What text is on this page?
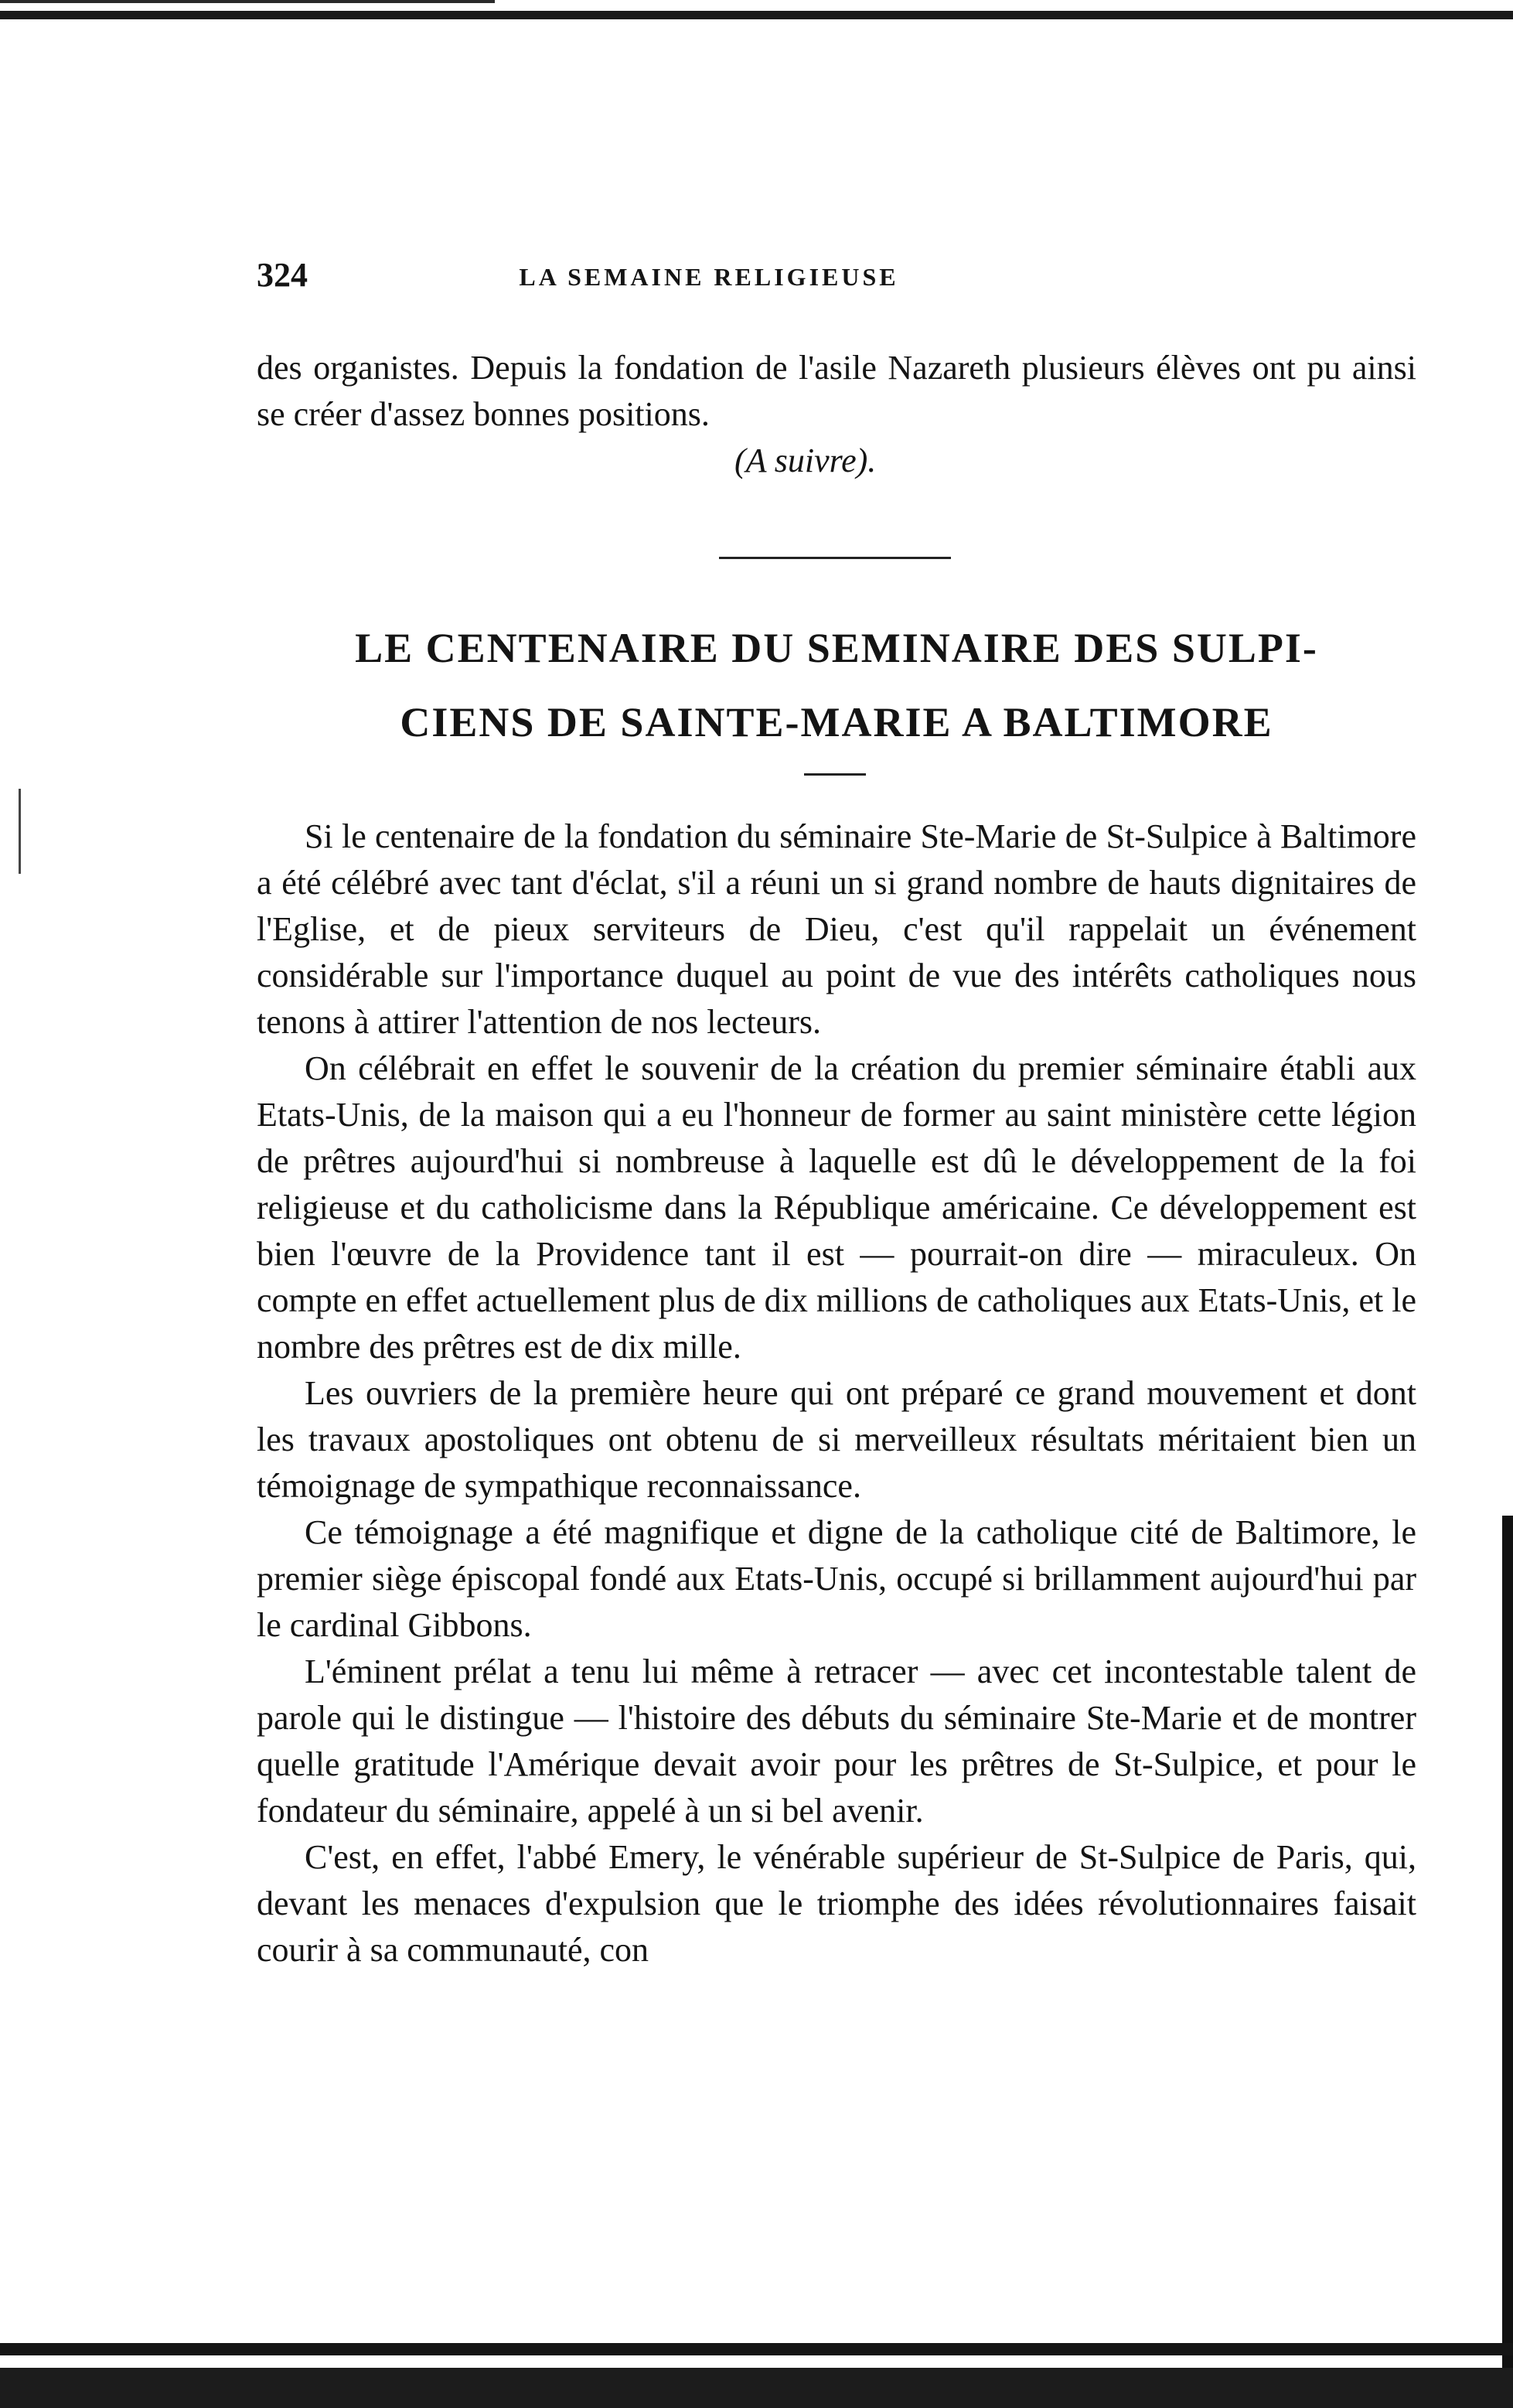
324	LA SEMAINE RELIGIEUSE

des organistes. Depuis la fondation de l'asile Nazareth plusieurs élèves ont pu ainsi se créer d'assez bonnes positions.

(A suivre).
LE CENTENAIRE DU SEMINAIRE DES SULPI-
CIENS DE SAINTE-MARIE A BALTIMORE

Si le centenaire de la fondation du séminaire Ste-Marie de St-Sulpice à Baltimore a été célébré avec tant d'éclat, s'il a réuni un si grand nombre de hauts dignitaires de l'Eglise, et de pieux serviteurs de Dieu, c'est qu'il rappelait un événement considérable sur l'importance duquel au point de vue des intérêts catholiques nous tenons à attirer l'attention de nos lecteurs.

On célébrait en effet le souvenir de la création du premier séminaire établi aux Etats-Unis, de la maison qui a eu l'honneur de former au saint ministère cette légion de prêtres aujourd'hui si nombreuse à laquelle est dû le développement de la foi religieuse et du catholicisme dans la République américaine. Ce développement est bien l'œuvre de la Providence tant il est — pourrait-on dire — miraculeux. On compte en effet actuellement plus de dix millions de catholiques aux Etats-Unis, et le nombre des prêtres est de dix mille.

Les ouvriers de la première heure qui ont préparé ce grand mouvement et dont les travaux apostoliques ont obtenu de si merveilleux résultats méritaient bien un témoignage de sympathique reconnaissance.

Ce témoignage a été magnifique et digne de la catholique cité de Baltimore, le premier siège épiscopal fondé aux Etats-Unis, occupé si brillamment aujourd'hui par le cardinal Gibbons.

L'éminent prélat a tenu lui même à retracer — avec cet incontestable talent de parole qui le distingue — l'histoire des débuts du séminaire Ste-Marie et de montrer quelle gratitude l'Amérique devait avoir pour les prêtres de St-Sulpice, et pour le fondateur du séminaire, appelé à un si bel avenir.

C'est, en effet, l'abbé Emery, le vénérable supérieur de St-Sulpice de Paris, qui, devant les menaces d'expulsion que le triomphe des idées révolutionnaires faisait courir à sa communauté, con
